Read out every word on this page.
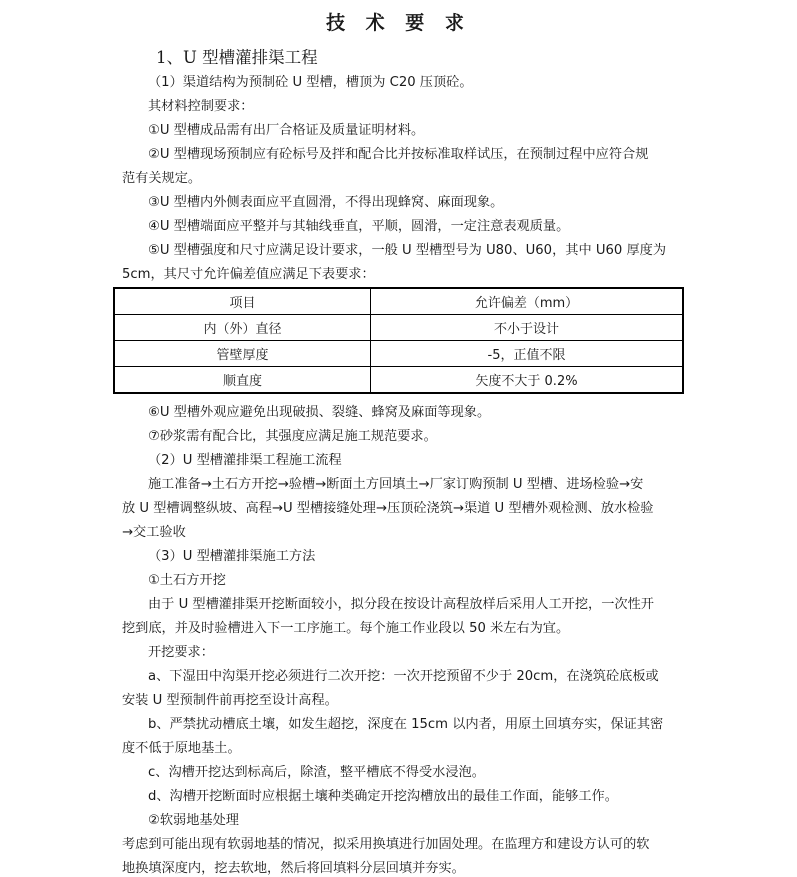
技 术 要 求
1、U 型槽灌排渠工程
（1）渠道结构为预制砼 U 型槽，槽顶为 C20 压顶砼。
其材料控制要求：
①U 型槽成品需有出厂合格证及质量证明材料。
②U 型槽现场预制应有砼标号及拌和配合比并按标准取样试压，在预制过程中应符合规
范有关规定。
③U 型槽内外侧表面应平直圆滑，不得出现蜂窝、麻面现象。
④U 型槽端面应平整并与其轴线垂直，平顺，圆滑，一定注意表观质量。
⑤U 型槽强度和尺寸应满足设计要求，一般 U 型槽型号为 U80、U60，其中 U60 厚度为
5cm，其尺寸允许偏差值应满足下表要求：
项目	允许偏差（mm）
内（外）直径	不小于设计
管壁厚度	-5，正值不限
顺直度	矢度不大于 0.2%
⑥U 型槽外观应避免出现破损、裂缝、蜂窝及麻面等现象。
⑦砂浆需有配合比，其强度应满足施工规范要求。
（2）U 型槽灌排渠工程施工流程
施工准备→土石方开挖→验槽→断面土方回填土→厂家订购预制 U 型槽、进场检验→安
放 U 型槽调整纵坡、高程→U 型槽接缝处理→压顶砼浇筑→渠道 U 型槽外观检测、放水检验
→交工验收
（3）U 型槽灌排渠施工方法
①土石方开挖
由于 U 型槽灌排渠开挖断面较小，拟分段在按设计高程放样后采用人工开挖，一次性开
挖到底，并及时验槽进入下一工序施工。每个施工作业段以 50 米左右为宜。
开挖要求：
a、下湿田中沟渠开挖必须进行二次开挖：一次开挖预留不少于 20cm，在浇筑砼底板或
安装 U 型预制件前再挖至设计高程。
b、严禁扰动槽底土壤，如发生超挖，深度在 15cm 以内者，用原土回填夯实，保证其密
度不低于原地基土。
c、沟槽开挖达到标高后，除渣，整平槽底不得受水浸泡。
d、沟槽开挖断面时应根据土壤种类确定开挖沟槽放出的最佳工作面，能够工作。
②软弱地基处理
考虑到可能出现有软弱地基的情况，拟采用换填进行加固处理。在监理方和建设方认可的软
地换填深度内，挖去软地，然后将回填料分层回填并夯实。
